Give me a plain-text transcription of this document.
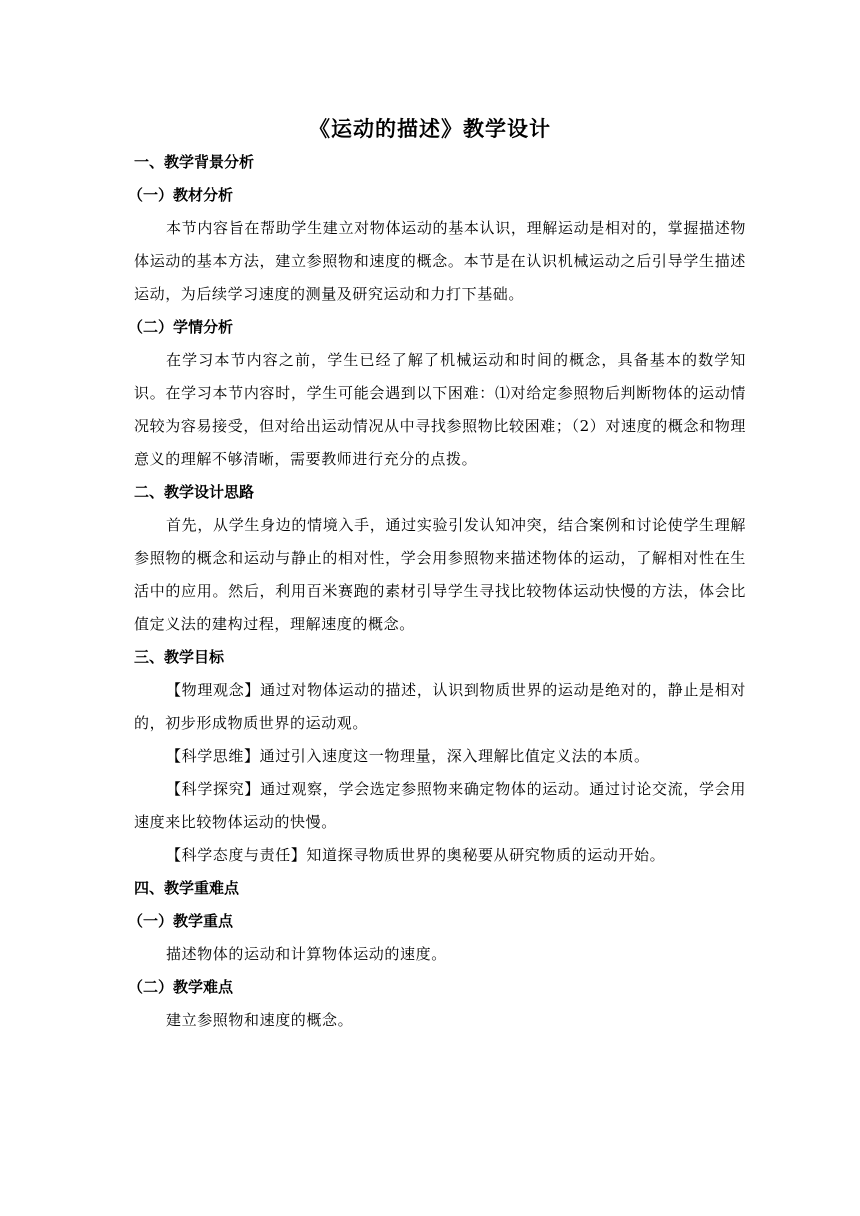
《运动的描述》教学设计
一、教学背景分析
（一）教材分析

本节内容旨在帮助学生建立对物体运动的基本认识，理解运动是相对的，掌握描述物体运动的基本方法，建立参照物和速度的概念。本节是在认识机械运动之后引导学生描述运动，为后续学习速度的测量及研究运动和力打下基础。

（二）学情分析

在学习本节内容之前，学生已经了解了机械运动和时间的概念，具备基本的数学知识。在学习本节内容时，学生可能会遇到以下困难：⑴对给定参照物后判断物体的运动情况较为容易接受，但对给出运动情况从中寻找参照物比较困难；（2）对速度的概念和物理意义的理解不够清晰，需要教师进行充分的点拨。

二、教学设计思路

首先，从学生身边的情境入手，通过实验引发认知冲突，结合案例和讨论使学生理解参照物的概念和运动与静止的相对性，学会用参照物来描述物体的运动，了解相对性在生活中的应用。然后，利用百米赛跑的素材引导学生寻找比较物体运动快慢的方法，体会比值定义法的建构过程，理解速度的概念。

三、教学目标

【物理观念】通过对物体运动的描述，认识到物质世界的运动是绝对的，静止是相对的，初步形成物质世界的运动观。

【科学思维】通过引入速度这一物理量，深入理解比值定义法的本质。

【科学探究】通过观察，学会选定参照物来确定物体的运动。通过讨论交流，学会用速度来比较物体运动的快慢。

【科学态度与责任】知道探寻物质世界的奥秘要从研究物质的运动开始。

四、教学重难点
（一）教学重点

描述物体的运动和计算物体运动的速度。

（二）教学难点

建立参照物和速度的概念。
